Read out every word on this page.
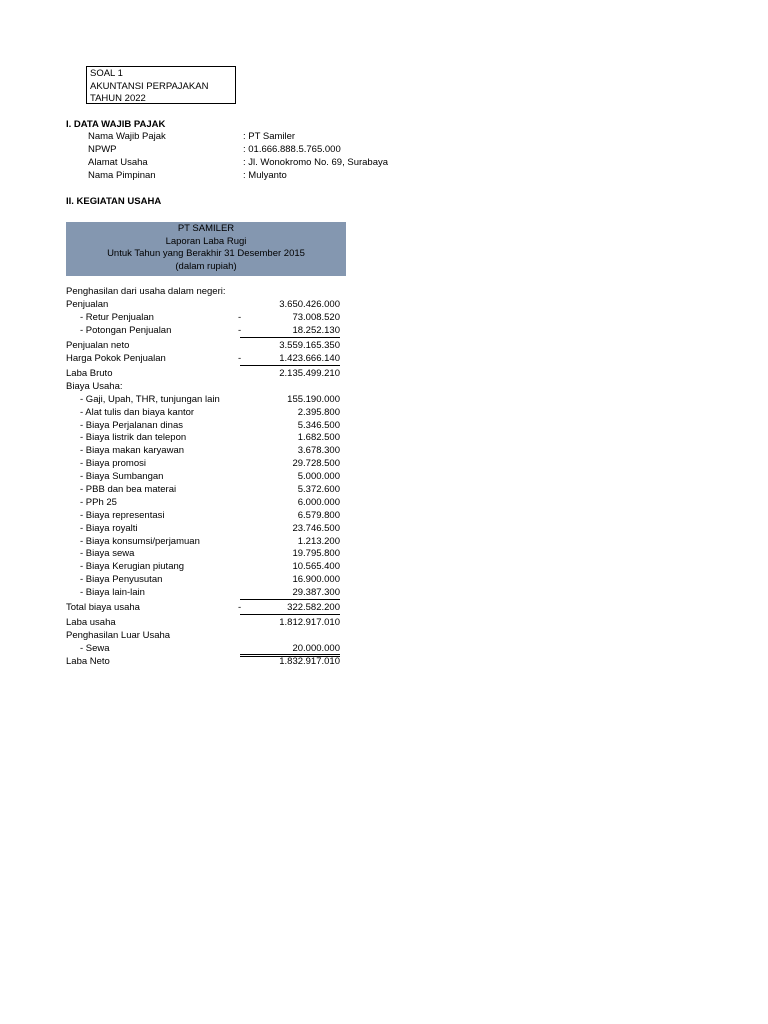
SOAL 1
AKUNTANSI PERPAJAKAN
TAHUN 2022
I. DATA WAJIB PAJAK
Nama Wajib Pajak	: PT Samiler
NPWP	: 01.666.888.5.765.000
Alamat Usaha	: Jl. Wonokromo No. 69, Surabaya
Nama Pimpinan	: Mulyanto
II. KEGIATAN USAHA
PT SAMILER
Laporan Laba Rugi
Untuk Tahun yang Berakhir 31 Desember 2015
(dalam rupiah)
Penghasilan dari usaha dalam negeri:
Penjualan	3.650.426.000
- Retur Penjualan	-	73.008.520
- Potongan Penjualan	-	18.252.130
Penjualan neto	3.559.165.350
Harga Pokok Penjualan	-	1.423.666.140
Laba Bruto	2.135.499.210
Biaya Usaha:
- Gaji, Upah, THR, tunjungan lain	155.190.000
- Alat tulis dan biaya kantor	2.395.800
- Biaya Perjalanan dinas	5.346.500
- Biaya listrik dan telepon	1.682.500
- Biaya makan karyawan	3.678.300
- Biaya promosi	29.728.500
- Biaya Sumbangan	5.000.000
- PBB dan bea materai	5.372.600
- PPh 25	6.000.000
- Biaya representasi	6.579.800
- Biaya royalti	23.746.500
- Biaya konsumsi/perjamuan	1.213.200
- Biaya sewa	19.795.800
- Biaya Kerugian piutang	10.565.400
- Biaya Penyusutan	16.900.000
- Biaya lain-lain	29.387.300
Total biaya usaha	-	322.582.200
Laba usaha	1.812.917.010
Penghasilan Luar Usaha
- Sewa	20.000.000
Laba Neto	1.832.917.010
